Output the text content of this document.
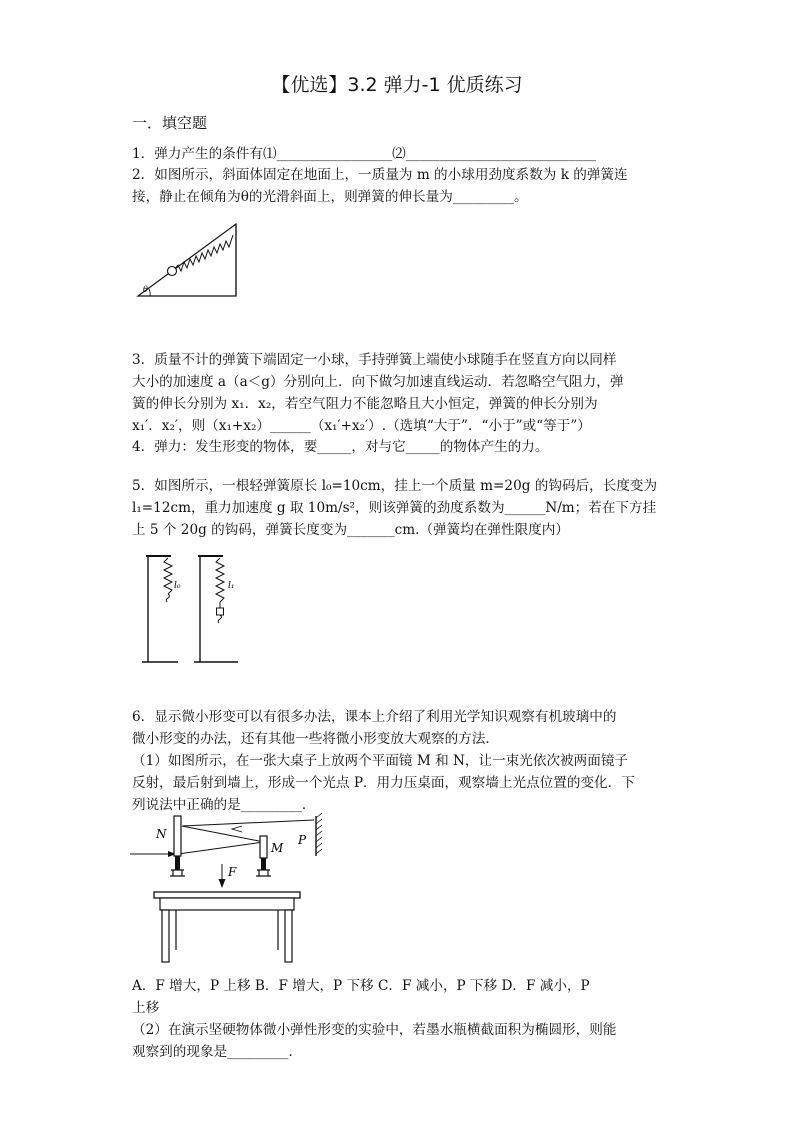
【优选】3.2 弹力-1 优质练习
一．填空题
1．弹力产生的条件有⑴_________________⑵____________________________
2．如图所示，斜面体固定在地面上，一质量为 m 的小球用劲度系数为 k 的弹簧连
接，静止在倾角为θ的光滑斜面上，则弹簧的伸长量为_________。
θ
3．质量不计的弹簧下端固定一小球，手持弹簧上端使小球随手在竖直方向以同样
大小的加速度 a（a＜g）分别向上．向下做匀加速直线运动．若忽略空气阻力，弹
簧的伸长分别为 x₁．x₂，若空气阻力不能忽略且大小恒定，弹簧的伸长分别为
x₁′．x₂′，则（x₁+x₂）______（x₁′+x₂′）.（选填“大于”．“小于”或“等于”）
4．弹力：发生形变的物体，要_____，对与它_____的物体产生的力。
5．如图所示，一根轻弹簧原长 l₀=10cm，挂上一个质量 m=20g 的钩码后，长度变为
l₁=12cm，重力加速度 g 取 10m/s²，则该弹簧的劲度系数为______N/m；若在下方挂
上 5 个 20g 的钩码，弹簧长度变为_______cm.（弹簧均在弹性限度内）
l₀	l₁
6．显示微小形变可以有很多办法，课本上介绍了利用光学知识观察有机玻璃中的
微小形变的办法，还有其他一些将微小形变放大观察的方法．
（1）如图所示，在一张大桌子上放两个平面镜 M 和 N，让一束光依次被两面镜子
反射，最后射到墙上，形成一个光点 P．用力压桌面，观察墙上光点位置的变化．下
列说法中正确的是_________．
N
M
P
F
A．F 增大，P 上移 B．F 增大，P 下移 C．F 减小，P 下移 D．F 减小，P
上移
（2）在演示坚硬物体微小弹性形变的实验中，若墨水瓶横截面积为椭圆形，则能
观察到的现象是_________.
